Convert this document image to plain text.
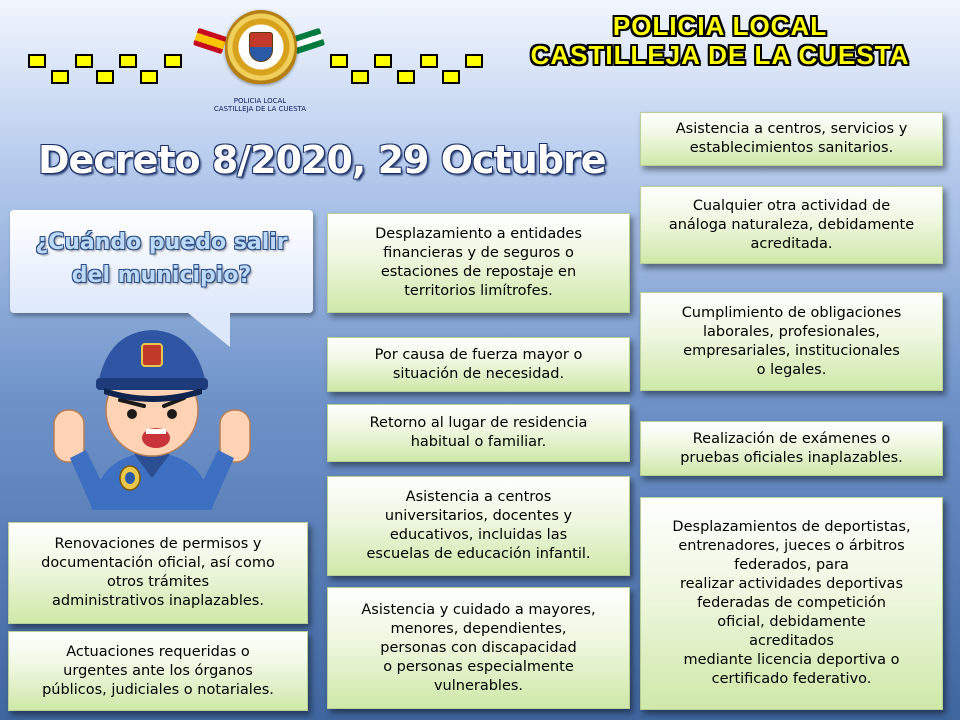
POLICIA LOCAL
CASTILLEJA DE LA CUESTA
POLICIA LOCAL
CASTILLEJA DE LA CUESTA
Decreto 8/2020, 29 Octubre
¿Cuándo puedo salir
del municipio?
Renovaciones de permisos y
documentación oficial, así como
otros trámites
administrativos inaplazables.
Actuaciones requeridas o
urgentes ante los órganos
públicos, judiciales o notariales.
Desplazamiento a entidades
financieras y de seguros o
estaciones de repostaje en
territorios limítrofes.
Por causa de fuerza mayor o
situación de necesidad.
Retorno al lugar de residencia
habitual o familiar.
Asistencia a centros
universitarios, docentes y
educativos, incluidas las
escuelas de educación infantil.
Asistencia y cuidado a mayores,
menores, dependientes,
personas con discapacidad
o personas especialmente
vulnerables.
Asistencia a centros, servicios y
establecimientos sanitarios.
Cualquier otra actividad de
análoga naturaleza, debidamente
acreditada.
Cumplimiento de obligaciones
laborales, profesionales,
empresariales, institucionales
o legales.
Realización de exámenes o
pruebas oficiales inaplazables.
Desplazamientos de deportistas,
entrenadores, jueces o árbitros
federados, para
realizar actividades deportivas
federadas de competición
oficial, debidamente
acreditados
mediante licencia deportiva o
certificado federativo.
